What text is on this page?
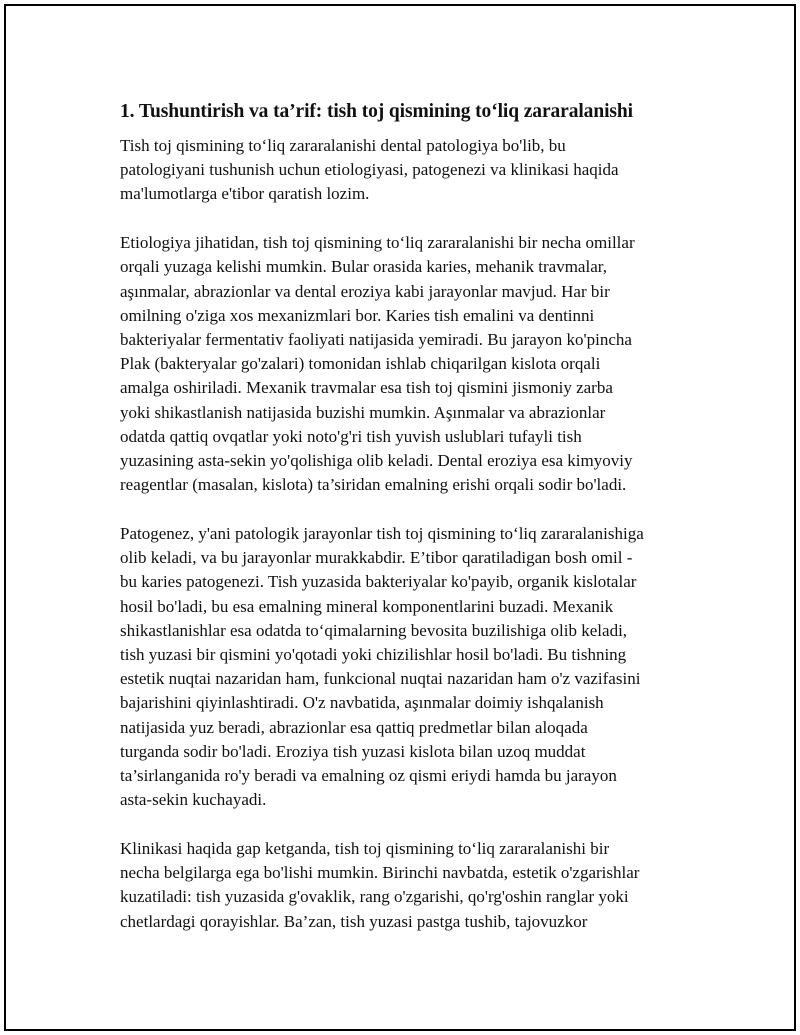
1. Tushuntirish va ta’rif: tish toj qismining to‘liq zararalanishi
Tish toj qismining to‘liq zararalanishi dental patologiya bo'lib, bu
patologiyani tushunish uchun etiologiyasi, patogenezi va klinikasi haqida
ma'lumotlarga e'tibor qaratish lozim.
Etiologiya jihatidan, tish toj qismining to‘liq zararalanishi bir necha omillar
orqali yuzaga kelishi mumkin. Bular orasida karies, mehanik travmalar,
aşınmalar, abrazionlar va dental eroziya kabi jarayonlar mavjud. Har bir
omilning o'ziga xos mexanizmlari bor. Karies tish emalini va dentinni
bakteriyalar fermentativ faoliyati natijasida yemiradi. Bu jarayon ko'pincha
Plak (bakteryalar go'zalari) tomonidan ishlab chiqarilgan kislota orqali
amalga oshiriladi. Mexanik travmalar esa tish toj qismini jismoniy zarba
yoki shikastlanish natijasida buzishi mumkin. Aşınmalar va abrazionlar
odatda qattiq ovqatlar yoki noto'g'ri tish yuvish uslublari tufayli tish
yuzasining asta-sekin yo'qolishiga olib keladi. Dental eroziya esa kimyoviy
reagentlar (masalan, kislota) ta’siridan emalning erishi orqali sodir bo'ladi.
Patogenez, y'ani patologik jarayonlar tish toj qismining to‘liq zararalanishiga
olib keladi, va bu jarayonlar murakkabdir. E’tibor qaratiladigan bosh omil -
bu karies patogenezi. Tish yuzasida bakteriyalar ko'payib, organik kislotalar
hosil bo'ladi, bu esa emalning mineral komponentlarini buzadi. Mexanik
shikastlanishlar esa odatda to‘qimalarning bevosita buzilishiga olib keladi,
tish yuzasi bir qismini yo'qotadi yoki chizilishlar hosil bo'ladi. Bu tishning
estetik nuqtai nazaridan ham, funkcional nuqtai nazaridan ham o'z vazifasini
bajarishini qiyinlashtiradi. O'z navbatida, aşınmalar doimiy ishqalanish
natijasida yuz beradi, abrazionlar esa qattiq predmetlar bilan aloqada
turganda sodir bo'ladi. Eroziya tish yuzasi kislota bilan uzoq muddat
ta’sirlanganida ro'y beradi va emalning oz qismi eriydi hamda bu jarayon
asta-sekin kuchayadi.
Klinikasi haqida gap ketganda, tish toj qismining to‘liq zararalanishi bir
necha belgilarga ega bo'lishi mumkin. Birinchi navbatda, estetik o'zgarishlar
kuzatiladi: tish yuzasida g'ovaklik, rang o'zgarishi, qo'rg'oshin ranglar yoki
chetlardagi qorayishlar. Ba’zan, tish yuzasi pastga tushib, tajovuzkor
